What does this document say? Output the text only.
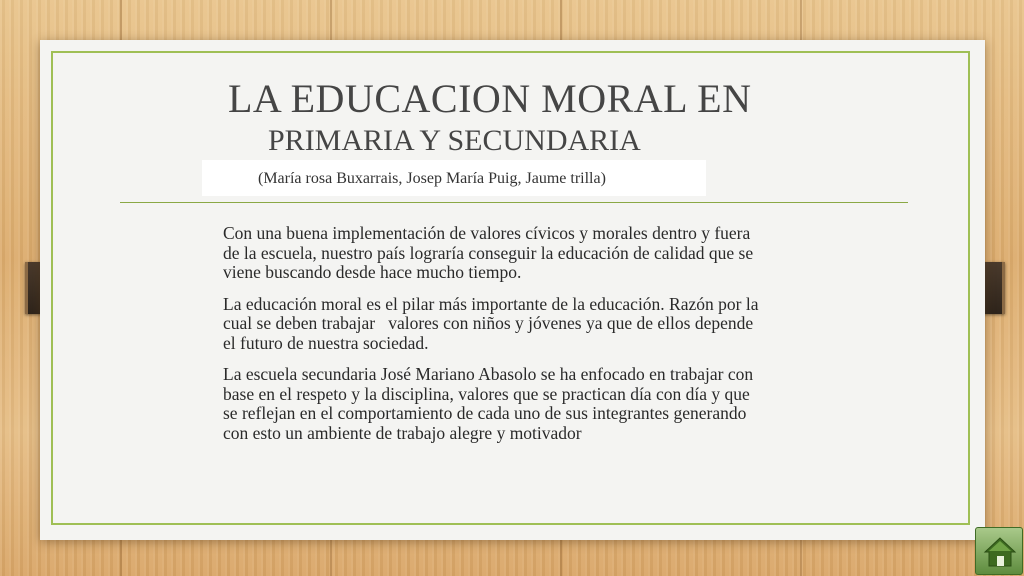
LA EDUCACION MORAL EN
PRIMARIA Y SECUNDARIA
(María rosa Buxarrais, Josep María Puig, Jaume trilla)

Con una buena implementación de valores cívicos y morales dentro y fuera de la escuela, nuestro país lograría conseguir la educación de calidad que se viene buscando desde hace mucho tiempo.

La educación moral es el pilar más importante de la educación. Razón por la cual se deben trabajar   valores con niños y jóvenes ya que de ellos depende el futuro de nuestra sociedad.

La escuela secundaria José Mariano Abasolo se ha enfocado en trabajar con base en el respeto y la disciplina, valores que se practican día con día y que se reflejan en el comportamiento de cada uno de sus integrantes generando con esto un ambiente de trabajo alegre y motivador
